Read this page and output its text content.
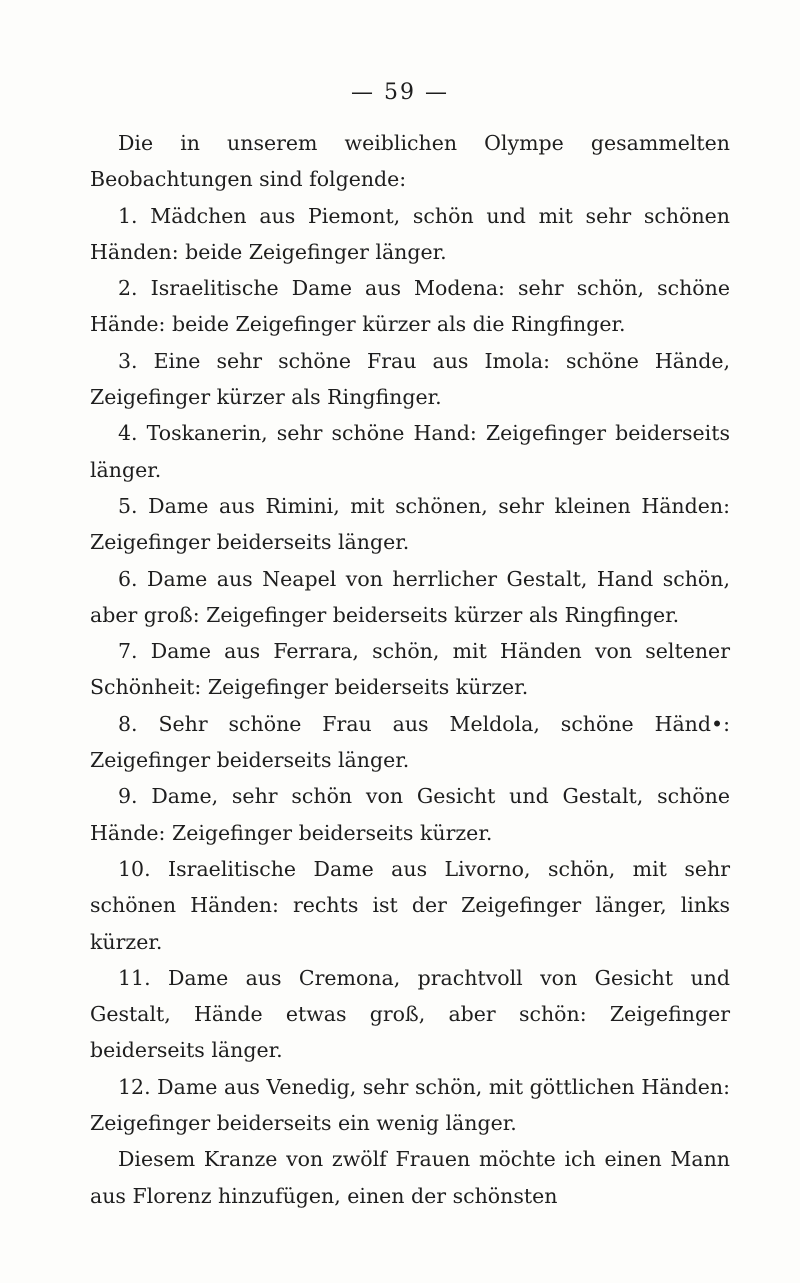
— 59 —

Die in unserem weiblichen Olympe gesammelten Beobachtungen sind folgende:

1. Mädchen aus Piemont, schön und mit sehr schönen Händen: beide Zeigefinger länger.

2. Israelitische Dame aus Modena: sehr schön, schöne Hände: beide Zeigefinger kürzer als die Ringfinger.

3. Eine sehr schöne Frau aus Imola: schöne Hände, Zeigefinger kürzer als Ringfinger.

4. Toskanerin, sehr schöne Hand: Zeigefinger beiderseits länger.

5. Dame aus Rimini, mit schönen, sehr kleinen Händen: Zeigefinger beiderseits länger.

6. Dame aus Neapel von herrlicher Gestalt, Hand schön, aber groß: Zeigefinger beiderseits kürzer als Ringfinger.

7. Dame aus Ferrara, schön, mit Händen von seltener Schönheit: Zeigefinger beiderseits kürzer.

8. Sehr schöne Frau aus Meldola, schöne Händ•: Zeigefinger beiderseits länger.

9. Dame, sehr schön von Gesicht und Gestalt, schöne Hände: Zeigefinger beiderseits kürzer.

10. Israelitische Dame aus Livorno, schön, mit sehr schönen Händen: rechts ist der Zeigefinger länger, links kürzer.

11. Dame aus Cremona, prachtvoll von Gesicht und Gestalt, Hände etwas groß, aber schön: Zeigefinger beiderseits länger.

12. Dame aus Venedig, sehr schön, mit göttlichen Händen: Zeigefinger beiderseits ein wenig länger.

Diesem Kranze von zwölf Frauen möchte ich einen Mann aus Florenz hinzufügen, einen der schönsten
